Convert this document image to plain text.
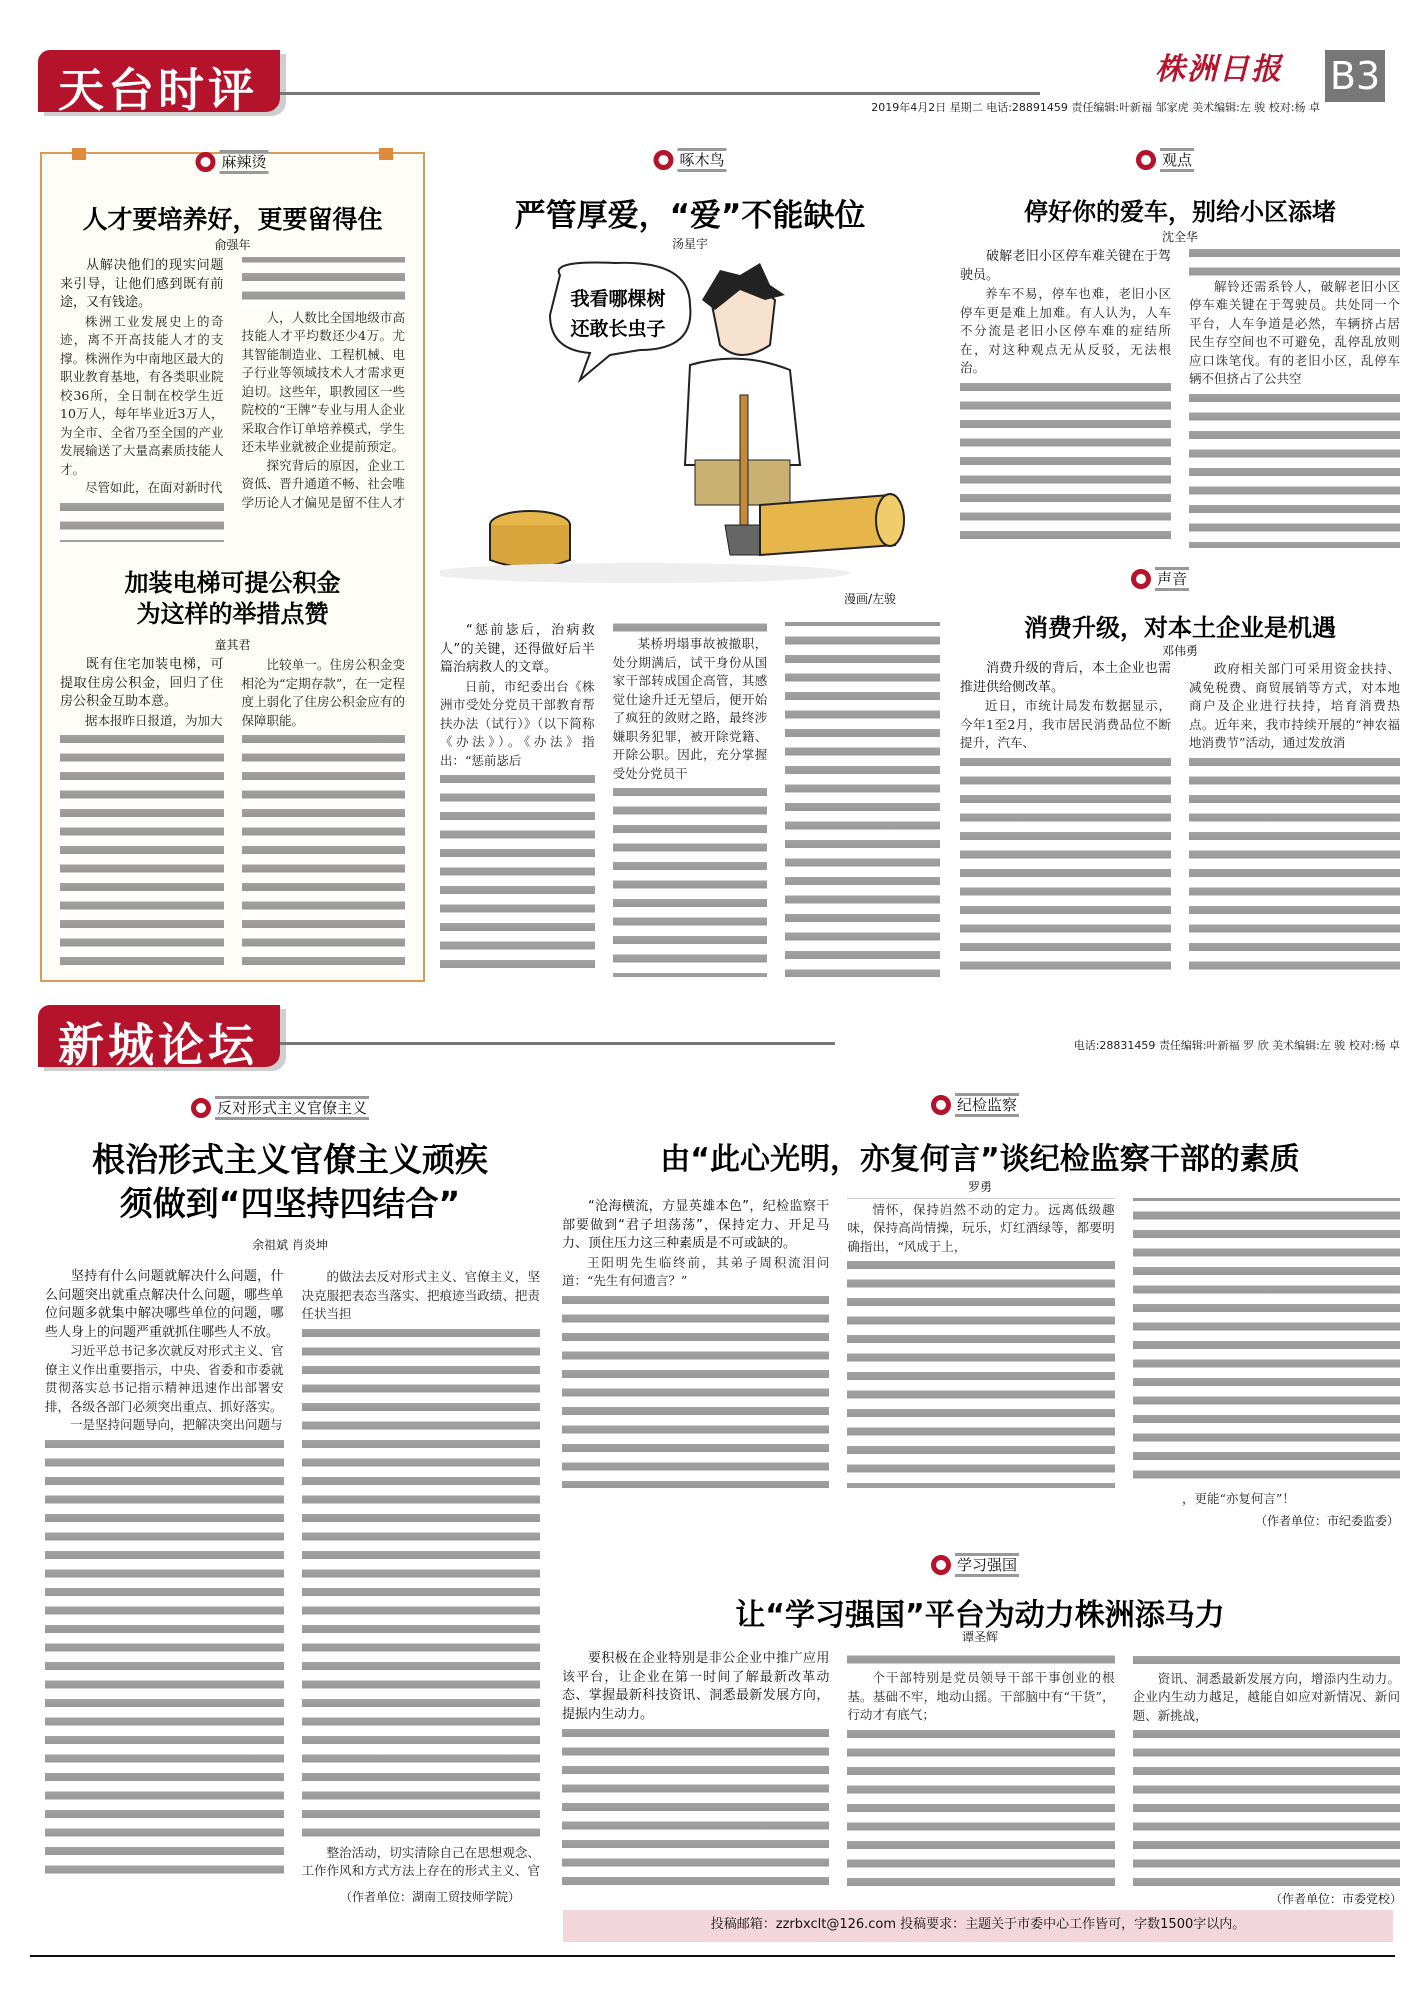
天台时评	株洲日报 B3
2019年4月2日 星期二 电话:28891459 责任编辑:叶新福 邹家虎 美术编辑:左 骏 校对:杨 卓
麻辣烫
人才要培养好，更要留得住
俞强年

从解决他们的现实问题来引导，让他们感到既有前途，又有钱途。

株洲工业发展史上的奇迹，离不开高技能人才的支撑。株洲作为中南地区最大的职业教育基地，有各类职业院校36所，全日制在校学生近10万人，每年毕业近3万人，为全市、全省乃至全国的产业发展输送了大量高素质技能人才。

尽管如此，在面对新时代

人，人数比全国地级市高技能人才平均数还少4万。尤其智能制造业、工程机械、电子行业等领域技术人才需求更迫切。这些年，职教园区一些院校的“王牌”专业与用人企业采取合作订单培养模式，学生还未毕业就被企业提前预定。

探究背后的原因，企业工资低、晋升通道不畅、社会唯学历论人才偏见是留不住人才

加装电梯可提公积金
为这样的举措点赞
童其君

既有住宅加装电梯，可提取住房公积金，回归了住房公积金互助本意。

据本报昨日报道，为加大

比较单一。住房公积金变相沦为“定期存款”，在一定程度上弱化了住房公积金应有的保障职能。

啄木鸟
严管厚爱，“爱”不能缺位
汤星宇
我看哪棵树
还敢长虫子
漫画/左骏

“惩前毖后，治病救人”的关键，还得做好后半篇治病救人的文章。

日前，市纪委出台《株洲市受处分党员干部教育帮扶办法（试行）》（以下简称《办法》）。《办法》指出：“惩前毖后

某桥坍塌事故被撤职，处分期满后，试干身份从国家干部转成国企高管，其感觉仕途升迁无望后，便开始了疯狂的敛财之路，最终涉嫌职务犯罪，被开除党籍、开除公职。因此，充分掌握受处分党员干

观点
停好你的爱车，别给小区添堵
沈全华

破解老旧小区停车难关键在于驾驶员。

养车不易，停车也难，老旧小区停车更是难上加难。有人认为，人车不分流是老旧小区停车难的症结所在，对这种观点无从反驳，无法根治。

解铃还需系铃人，破解老旧小区停车难关键在于驾驶员。共处同一个平台，人车争道是必然，车辆挤占居民生存空间也不可避免，乱停乱放则应口诛笔伐。有的老旧小区，乱停车辆不但挤占了公共空

声音
消费升级，对本土企业是机遇
邓伟勇

消费升级的背后，本土企业也需推进供给侧改革。

近日，市统计局发布数据显示，今年1至2月，我市居民消费品位不断提升，汽车、

政府相关部门可采用资金扶持、减免税费、商贸展销等方式，对本地商户及企业进行扶持，培育消费热点。近年来，我市持续开展的“神农福地消费节”活动，通过发放消

新城论坛	电话:28831459 责任编辑:叶新福 罗 欣 美术编辑:左 骏 校对:杨 卓
反对形式主义官僚主义
根治形式主义官僚主义顽疾
须做到“四坚持四结合”
余祖斌 肖炎坤

坚持有什么问题就解决什么问题，什么问题突出就重点解决什么问题，哪些单位问题多就集中解决哪些单位的问题，哪些人身上的问题严重就抓住哪些人不放。

习近平总书记多次就反对形式主义、官僚主义作出重要指示，中央、省委和市委就贯彻落实总书记指示精神迅速作出部署安排，各级各部门必须突出重点、抓好落实。

一是坚持问题导向，把解决突出问题与

的做法去反对形式主义、官僚主义，坚决克服把表态当落实、把痕迹当政绩、把责任状当担

整治活动，切实清除自己在思想观念、工作作风和方式方法上存在的形式主义、官

（作者单位：湖南工贸技师学院）
纪检监察
由“此心光明，亦复何言”谈纪检监察干部的素质
罗勇

“沧海横流，方显英雄本色”，纪检监察干部要做到“君子坦荡荡”，保持定力、开足马力、顶住压力这三种素质是不可或缺的。

王阳明先生临终前，其弟子周积流泪问道：“先生有何遗言？”

情怀，保持岿然不动的定力。远离低级趣味，保持高尚情操，玩乐，灯红酒绿等，都要明确指出，“风成于上，

，更能“亦复何言”！
（作者单位：市纪委监委）
学习强国
让“学习强国”平台为动力株洲添马力
谭圣辉

要积极在企业特别是非公企业中推广应用该平台，让企业在第一时间了解最新改革动态、掌握最新科技资讯、洞悉最新发展方向，提振内生动力。

个干部特别是党员领导干部干事创业的根基。基础不牢，地动山摇。干部脑中有“干货”，行动才有底气；

资讯、洞悉最新发展方向，增添内生动力。企业内生动力越足，越能自如应对新情况、新问题、新挑战，

（作者单位：市委党校）
投稿邮箱：zzrbxclt@126.com 投稿要求：主题关于市委中心工作皆可，字数1500字以内。
